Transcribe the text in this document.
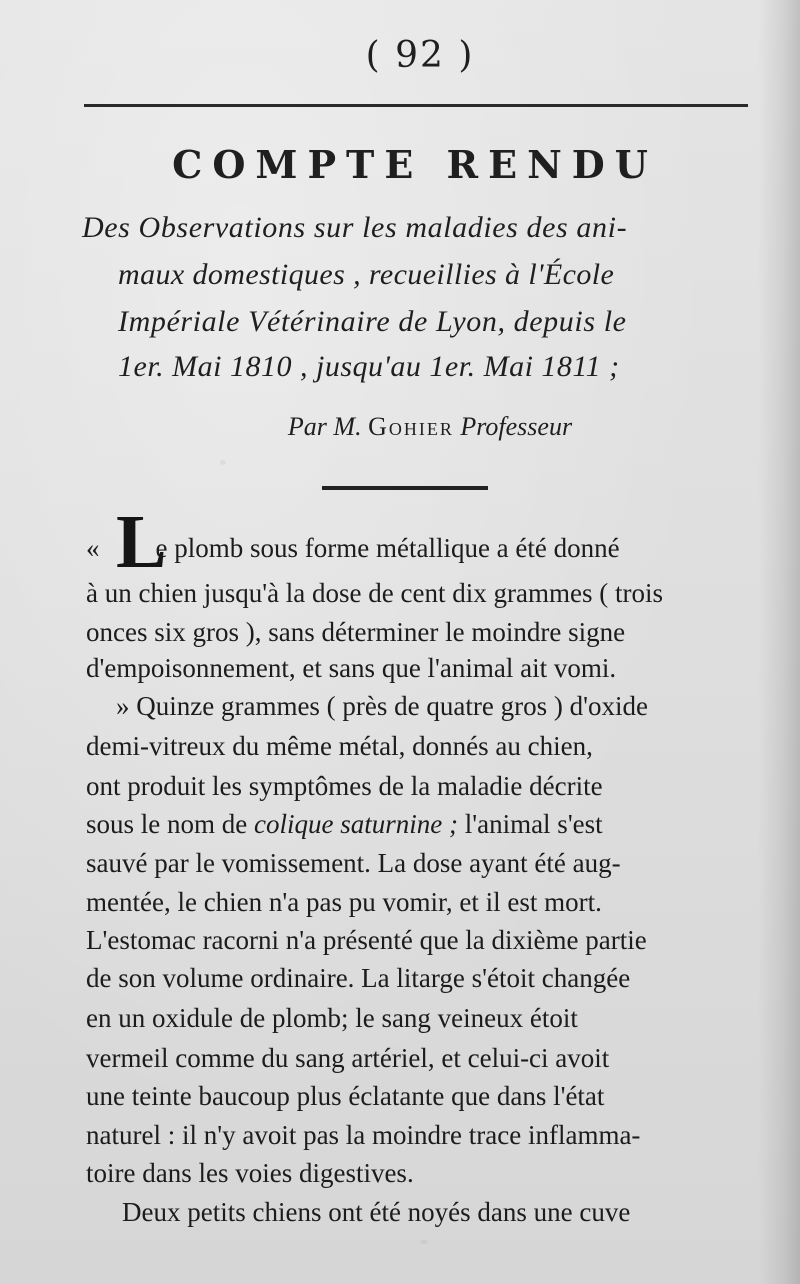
( 92 )
COMPTE RENDU
Des Observations sur les maladies des ani-
maux domestiques , recueillies à l'École
Impériale Vétérinaire de Lyon, depuis le
1er. Mai 1810 , jusqu'au 1er. Mai 1811 ;
Par M. Gohier Professeur
L
« e plomb sous forme métallique a été donné
à un chien jusqu'à la dose de cent dix grammes ( trois
onces six gros ), sans déterminer le moindre signe
d'empoisonnement, et sans que l'animal ait vomi.
» Quinze grammes ( près de quatre gros ) d'oxide
demi-vitreux du même métal, donnés au chien,
ont produit les symptômes de la maladie décrite
sous le nom de colique saturnine ; l'animal s'est
sauvé par le vomissement. La dose ayant été aug-
mentée, le chien n'a pas pu vomir, et il est mort.
L'estomac racorni n'a présenté que la dixième partie
de son volume ordinaire. La litarge s'étoit changée
en un oxidule de plomb; le sang veineux étoit
vermeil comme du sang artériel, et celui-ci avoit
une teinte baucoup plus éclatante que dans l'état
naturel : il n'y avoit pas la moindre trace inflamma-
toire dans les voies digestives.
Deux petits chiens ont été noyés dans une cuve
